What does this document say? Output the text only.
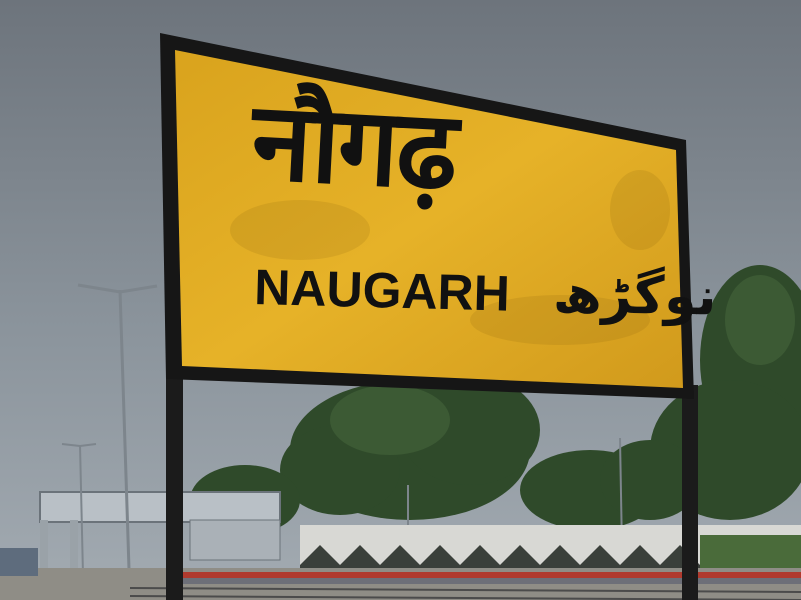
नौगढ़
NAUGARH نوگڑھ
